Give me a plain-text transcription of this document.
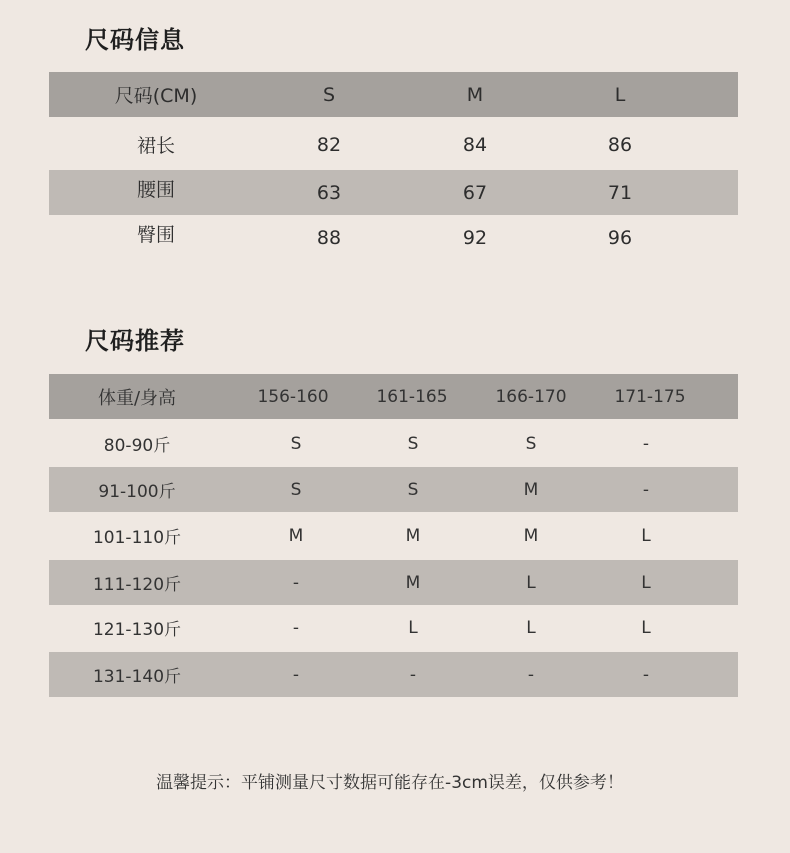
尺码信息
尺码(CM)	S	M	L
裙长	82	84	86
腰围	63	67	71
臀围	88	92	96
尺码推荐
体重/身高	156-160	161-165	166-170	171-175
80-90斤	S	S	S	-
91-100斤	S	S	M	-
101-110斤	M	M	M	L
111-120斤	-	M	L	L
121-130斤	-	L	L	L
131-140斤	-	-	-	-
温馨提示：平铺测量尺寸数据可能存在-3cm误差，仅供参考！
